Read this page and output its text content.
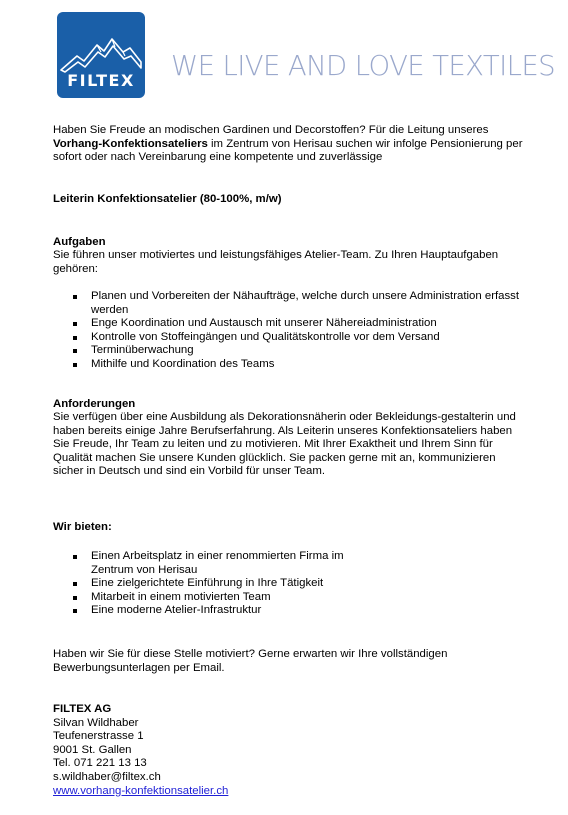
FILTEX	WE LIVE AND LOVE TEXTILES
Haben Sie Freude an modischen Gardinen und Decorstoffen? Für die Leitung unseres Vorhang-Konfektionsateliers im Zentrum von Herisau suchen wir infolge Pensionierung per sofort oder nach Vereinbarung eine kompetente und zuverlässige
Leiterin Konfektionsatelier (80-100%, m/w)
Aufgaben
Sie führen unser motiviertes und leistungsfähiges Atelier-Team. Zu Ihren Hauptaufgaben gehören:
Planen und Vorbereiten der Nähaufträge, welche durch unsere Administration erfasst werden
Enge Koordination und Austausch mit unserer Nähereiadministration
Kontrolle von Stoffeingängen und Qualitätskontrolle vor dem Versand
Terminüberwachung
Mithilfe und Koordination des Teams
Anforderungen
Sie verfügen über eine Ausbildung als Dekorationsnäherin oder Bekleidungs-gestalterin und haben bereits einige Jahre Berufserfahrung. Als Leiterin unseres Konfektionsateliers haben Sie Freude, Ihr Team zu leiten und zu motivieren. Mit Ihrer Exaktheit und Ihrem Sinn für Qualität machen Sie unsere Kunden glücklich. Sie packen gerne mit an, kommunizieren sicher in Deutsch und sind ein Vorbild für unser Team.
Wir bieten:
Einen Arbeitsplatz in einer renommierten Firma im Zentrum von Herisau
Eine zielgerichtete Einführung in Ihre Tätigkeit
Mitarbeit in einem motivierten Team
Eine moderne Atelier-Infrastruktur
Haben wir Sie für diese Stelle motiviert? Gerne erwarten wir Ihre vollständigen Bewerbungsunterlagen per Email.
FILTEX AG
Silvan Wildhaber
Teufenerstrasse 1
9001 St. Gallen
Tel. 071 221 13 13
s.wildhaber@filtex.ch
www.vorhang-konfektionsatelier.ch
